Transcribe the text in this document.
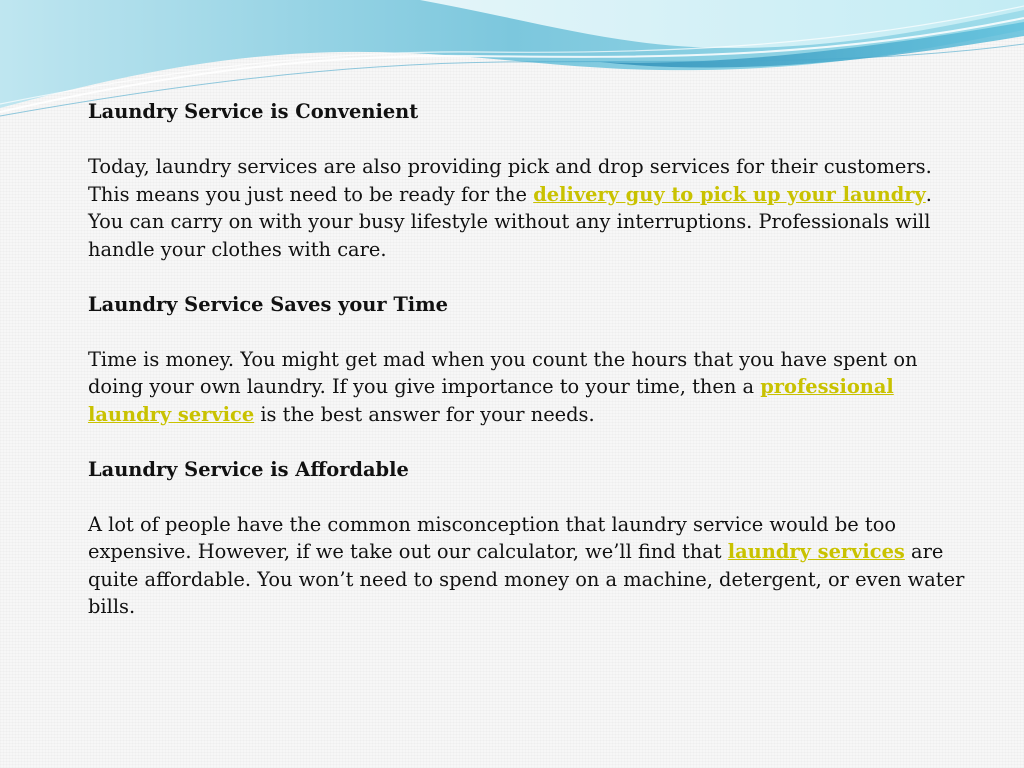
Laundry Service is Convenient

Today, laundry services are also providing pick and drop services for their customers. This means you just need to be ready for the delivery guy to pick up your laundry. You can carry on with your busy lifestyle without any interruptions. Professionals will handle your clothes with care.

Laundry Service Saves your Time

Time is money. You might get mad when you count the hours that you have spent on doing your own laundry. If you give importance to your time, then a professional laundry service is the best answer for your needs.

Laundry Service is Affordable

A lot of people have the common misconception that laundry service would be too expensive. However, if we take out our calculator, we’ll find that laundry services are quite affordable. You won’t need to spend money on a machine, detergent, or even water bills.
